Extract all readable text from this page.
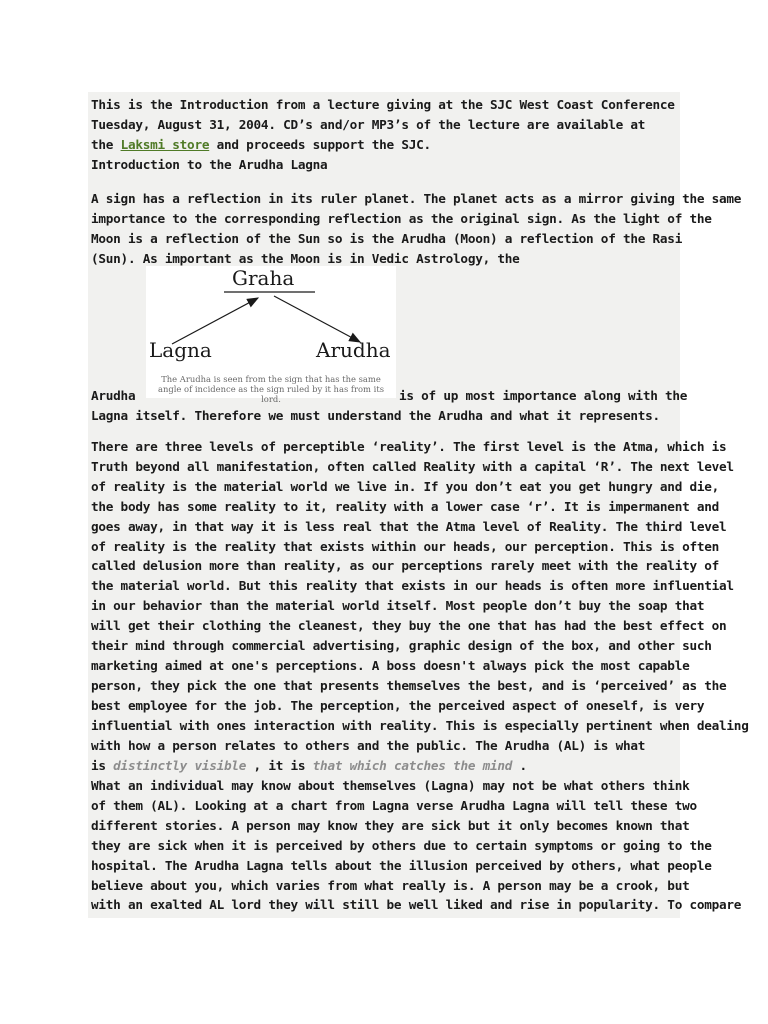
This is the Introduction from a lecture giving at the SJC West Coast Conference
Tuesday, August 31, 2004. CD’s and/or MP3’s of the lecture are available at
the Laksmi store and proceeds support the SJC.
Introduction to the Arudha Lagna
A sign has a reflection in its ruler planet. The planet acts as a mirror giving the same
importance to the corresponding reflection as the original sign. As the light of the
Moon is a reflection of the Sun so is the Arudha (Moon) a reflection of the Rasi
(Sun). As important as the Moon is in Vedic Astrology, the
Graha
Lagna	Arudha
The Arudha is seen from the sign that has the same angle of incidence as the sign ruled by it has from its lord.
Arudha	is of up most importance along with the
Lagna itself. Therefore we must understand the Arudha and what it represents.
There are three levels of perceptible ‘reality’. The first level is the Atma, which is
Truth beyond all manifestation, often called Reality with a capital ‘R’. The next level
of reality is the material world we live in. If you don’t eat you get hungry and die,
the body has some reality to it, reality with a lower case ‘r’. It is impermanent and
goes away, in that way it is less real that the Atma level of Reality. The third level
of reality is the reality that exists within our heads, our perception. This is often
called delusion more than reality, as our perceptions rarely meet with the reality of
the material world. But this reality that exists in our heads is often more influential
in our behavior than the material world itself. Most people don’t buy the soap that
will get their clothing the cleanest, they buy the one that has had the best effect on
their mind through commercial advertising, graphic design of the box, and other such
marketing aimed at one's perceptions. A boss doesn't always pick the most capable
person, they pick the one that presents themselves the best, and is ‘perceived’ as the
best employee for the job. The perception, the perceived aspect of oneself, is very
influential with ones interaction with reality. This is especially pertinent when dealing
with how a person relates to others and the public. The Arudha (AL) is what
is distinctly visible , it is that which catches the mind .
What an individual may know about themselves (Lagna) may not be what others think
of them (AL). Looking at a chart from Lagna verse Arudha Lagna will tell these two
different stories. A person may know they are sick but it only becomes known that
they are sick when it is perceived by others due to certain symptoms or going to the
hospital. The Arudha Lagna tells about the illusion perceived by others, what people
believe about you, which varies from what really is. A person may be a crook, but
with an exalted AL lord they will still be well liked and rise in popularity. To compare
